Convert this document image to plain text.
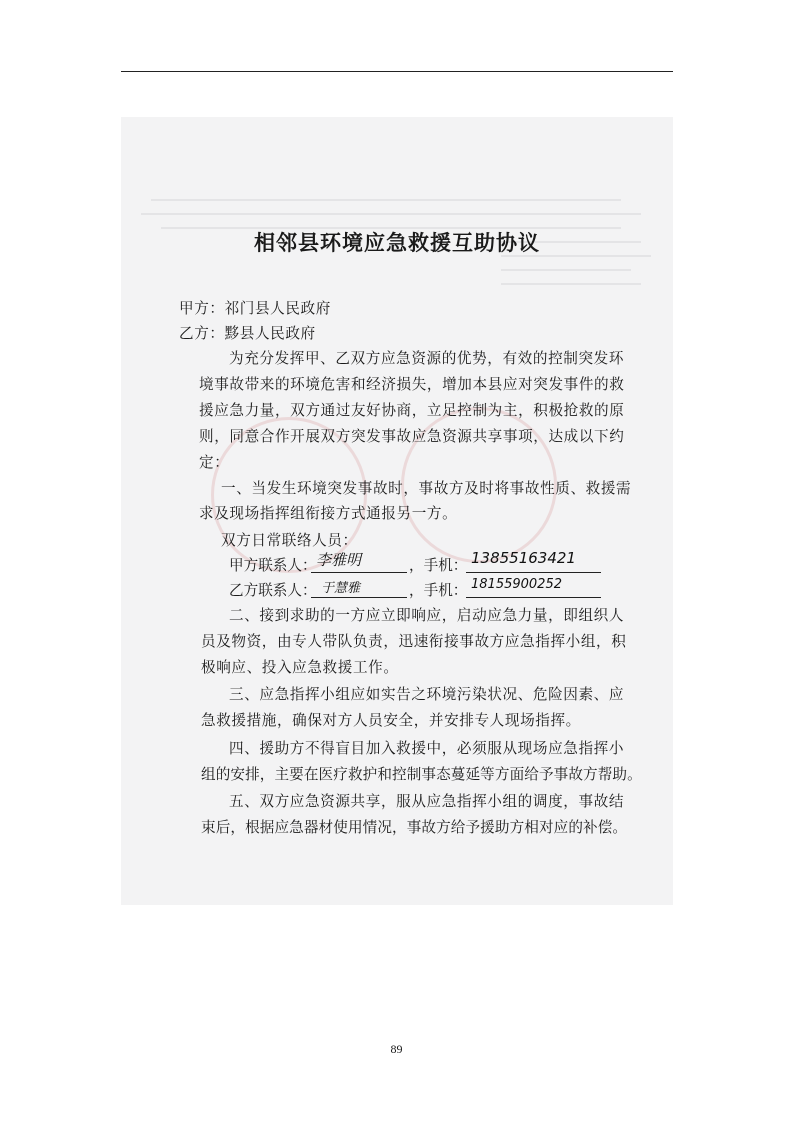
相邻县环境应急救援互助协议
甲方：祁门县人民政府
乙方：黟县人民政府
为充分发挥甲、乙双方应急资源的优势，有效的控制突发环
境事故带来的环境危害和经济损失，增加本县应对突发事件的救
援应急力量，双方通过友好协商，立足控制为主，积极抢救的原
则，同意合作开展双方突发事故应急资源共享事项，达成以下约
定：
一、当发生环境突发事故时，事故方及时将事故性质、救援需
求及现场指挥组衔接方式通报另一方。
双方日常联络人员：
甲方联系人： 李雅明	，手机： 13855163421
乙方联系人： 于慧雅	，手机： 18155900252
二、接到求助的一方应立即响应，启动应急力量，即组织人
员及物资，由专人带队负责，迅速衔接事故方应急指挥小组，积
极响应、投入应急救援工作。
三、应急指挥小组应如实告之环境污染状况、危险因素、应
急救援措施，确保对方人员安全，并安排专人现场指挥。
四、援助方不得盲目加入救援中，必须服从现场应急指挥小
组的安排，主要在医疗救护和控制事态蔓延等方面给予事故方帮助。
五、双方应急资源共享，服从应急指挥小组的调度，事故结
束后，根据应急器材使用情况，事故方给予援助方相对应的补偿。
89
